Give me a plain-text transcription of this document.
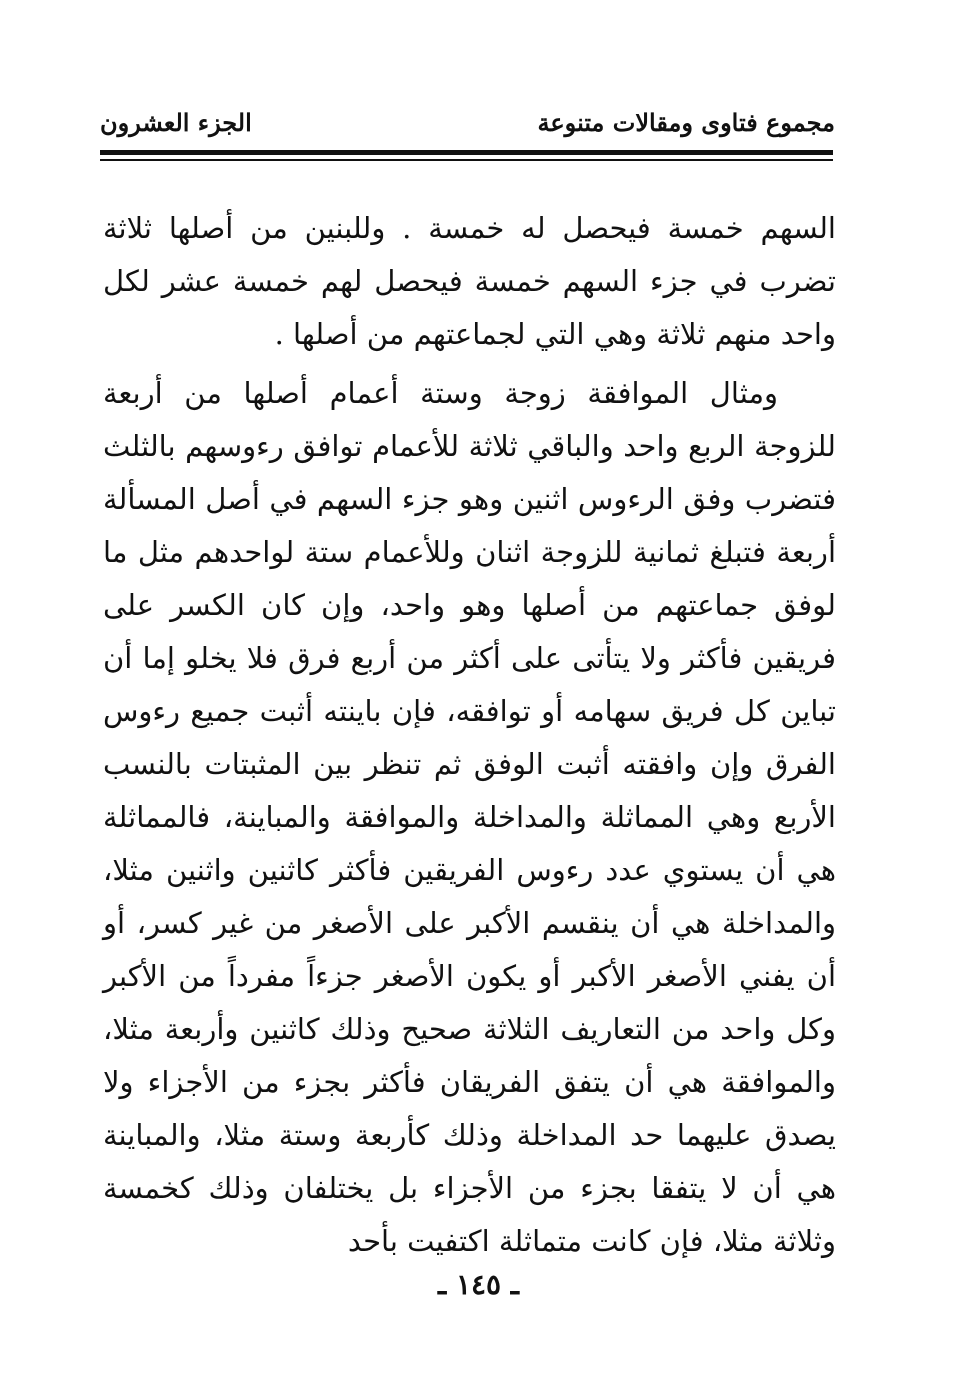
مجموع فتاوى ومقالات متنوعة
الجزء العشرون

السهم خمسة فيحصل له خمسة . وللبنين من أصلها ثلاثة تضرب في جزء السهم خمسة فيحصل لهم خمسة عشر لكل واحد منهم ثلاثة وهي التي لجماعتهم من أصلها .

ومثال الموافقة زوجة وستة أعمام أصلها من أربعة للزوجة الربع واحد والباقي ثلاثة للأعمام توافق رءوسهم بالثلث فتضرب وفق الرءوس اثنين وهو جزء السهم في أصل المسألة أربعة فتبلغ ثمانية للزوجة اثنان وللأعمام ستة لواحدهم مثل ما لوفق جماعتهم من أصلها وهو واحد، وإن كان الكسر على فريقين فأكثر ولا يتأتى على أكثر من أربع فرق فلا يخلو إما أن تباين كل فريق سهامه أو توافقه، فإن باينته أثبت جميع رءوس الفرق وإن وافقته أثبت الوفق ثم تنظر بين المثبتات بالنسب الأربع وهي المماثلة والمداخلة والموافقة والمباينة، فالمماثلة هي أن يستوي عدد رءوس الفريقين فأكثر كاثنين واثنين مثلا، والمداخلة هي أن ينقسم الأكبر على الأصغر من غير كسر، أو أن يفني الأصغر الأكبر أو يكون الأصغر جزءاً مفرداً من الأكبر وكل واحد من التعاريف الثلاثة صحيح وذلك كاثنين وأربعة مثلا، والموافقة هي أن يتفق الفريقان فأكثر بجزء من الأجزاء ولا يصدق عليهما حد المداخلة وذلك كأربعة وستة مثلا، والمباينة هي أن لا يتفقا بجزء من الأجزاء بل يختلفان وذلك كخمسة وثلاثة مثلا، فإن كانت متماثلة اكتفيت بأحد

ـ ١٤٥ ـ
